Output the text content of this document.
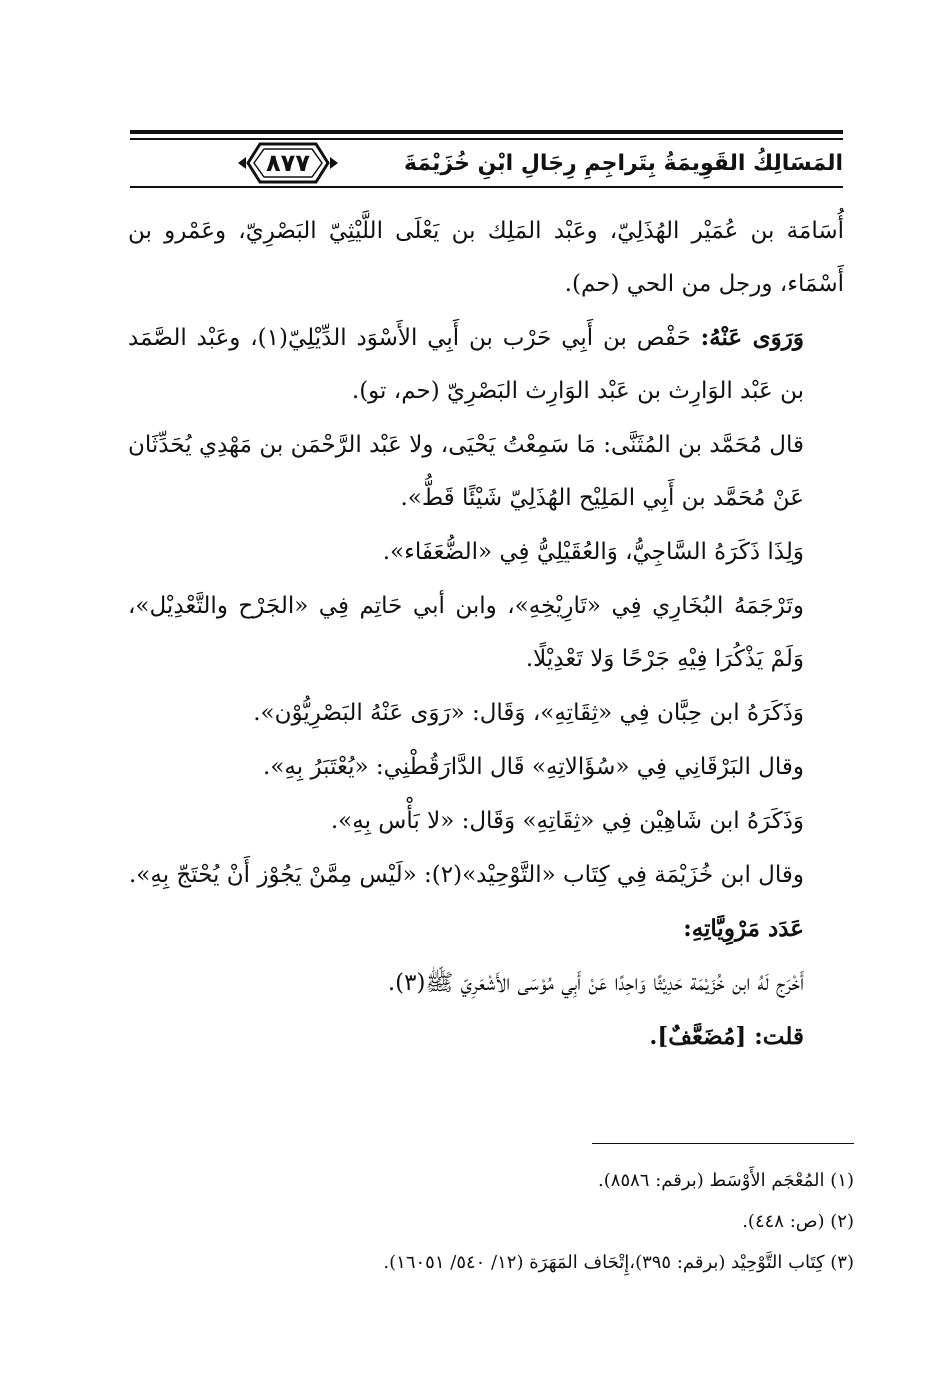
المَسَالِكُ القَوِيمَةُ بِتَراجِمِ رِجَالِ ابْنِ خُزَيْمَةَ
٨٧٧

أُسَامَة بن عُمَيْر الهُذَلِيّ، وعَبْد المَلِك بن يَعْلَى اللَّيْثِيّ البَصْرِيّ، وعَمْرو بن أَسْمَاء، ورجل من الحي (حم).

وَرَوَى عَنْهُ: حَفْص بن أَبِي حَرْب بن أَبِي الأَسْوَد الدِّيْلِيّ(١)، وعَبْد الصَّمَد بن عَبْد الوَارِث بن عَبْد الوَارِث البَصْرِيّ (حم، تو).

قال مُحَمَّد بن المُثَنَّى: مَا سَمِعْتُ يَحْيَى، ولا عَبْد الرَّحْمَن بن مَهْدِي يُحَدِّثَان عَنْ مُحَمَّد بن أَبِي المَلِيْح الهُذَلِيّ شَيْئًا قَطُّ».

وَلِذَا ذَكَرَهُ السَّاجِيُّ، وَالعُقَيْلِيُّ فِي «الضُّعَفَاء».

وتَرْجَمَهُ البُخَارِي فِي «تَارِيْخِهِ»، وابن أبي حَاتِم فِي «الجَرْح والتَّعْدِيْل»، وَلَمْ يَذْكُرَا فِيْهِ جَرْحًا وَلا تَعْدِيْلًا.

وَذَكَرَهُ ابن حِبَّان فِي «ثِقَاتِهِ»، وَقَال: «رَوَى عَنْهُ البَصْرِيُّوْن».

وقال البَرْقَانِي فِي «سُؤَالاتِهِ» قَال الدَّارَقُطْنِي: «يُعْتَبَرُ بِهِ».

وَذَكَرَهُ ابن شَاهِيْن فِي «ثِقَاتِهِ» وَقَال: «لا بَأْس بِهِ».

وقال ابن خُزَيْمَة فِي كِتَاب «التَّوْحِيْد»(٢): «لَيْس مِمَّنْ يَجُوْز أَنْ يُحْتَجّ بِهِ».

عَدَد مَرْوِيَّاتِهِ:

أَخْرَج لَهُ ابن خُزَيْمَة حَدِيْثًا وَاحِدًا عَنْ أَبِي مُوْسَى الأَشْعَرِيّ ﷺ(٣).

قلت: [مُضَعَّفٌ].

(١) المُعْجَم الأَوْسَط (برقم: ٨٥٨٦).

(٢) (ص: ٤٤٨).

(٣) كِتَاب التَّوْحِيْد (برقم: ٣٩٥)،إِتْحَاف المَهَرَة (١٢/ ٥٤٠/ ١٦٠٥١).
